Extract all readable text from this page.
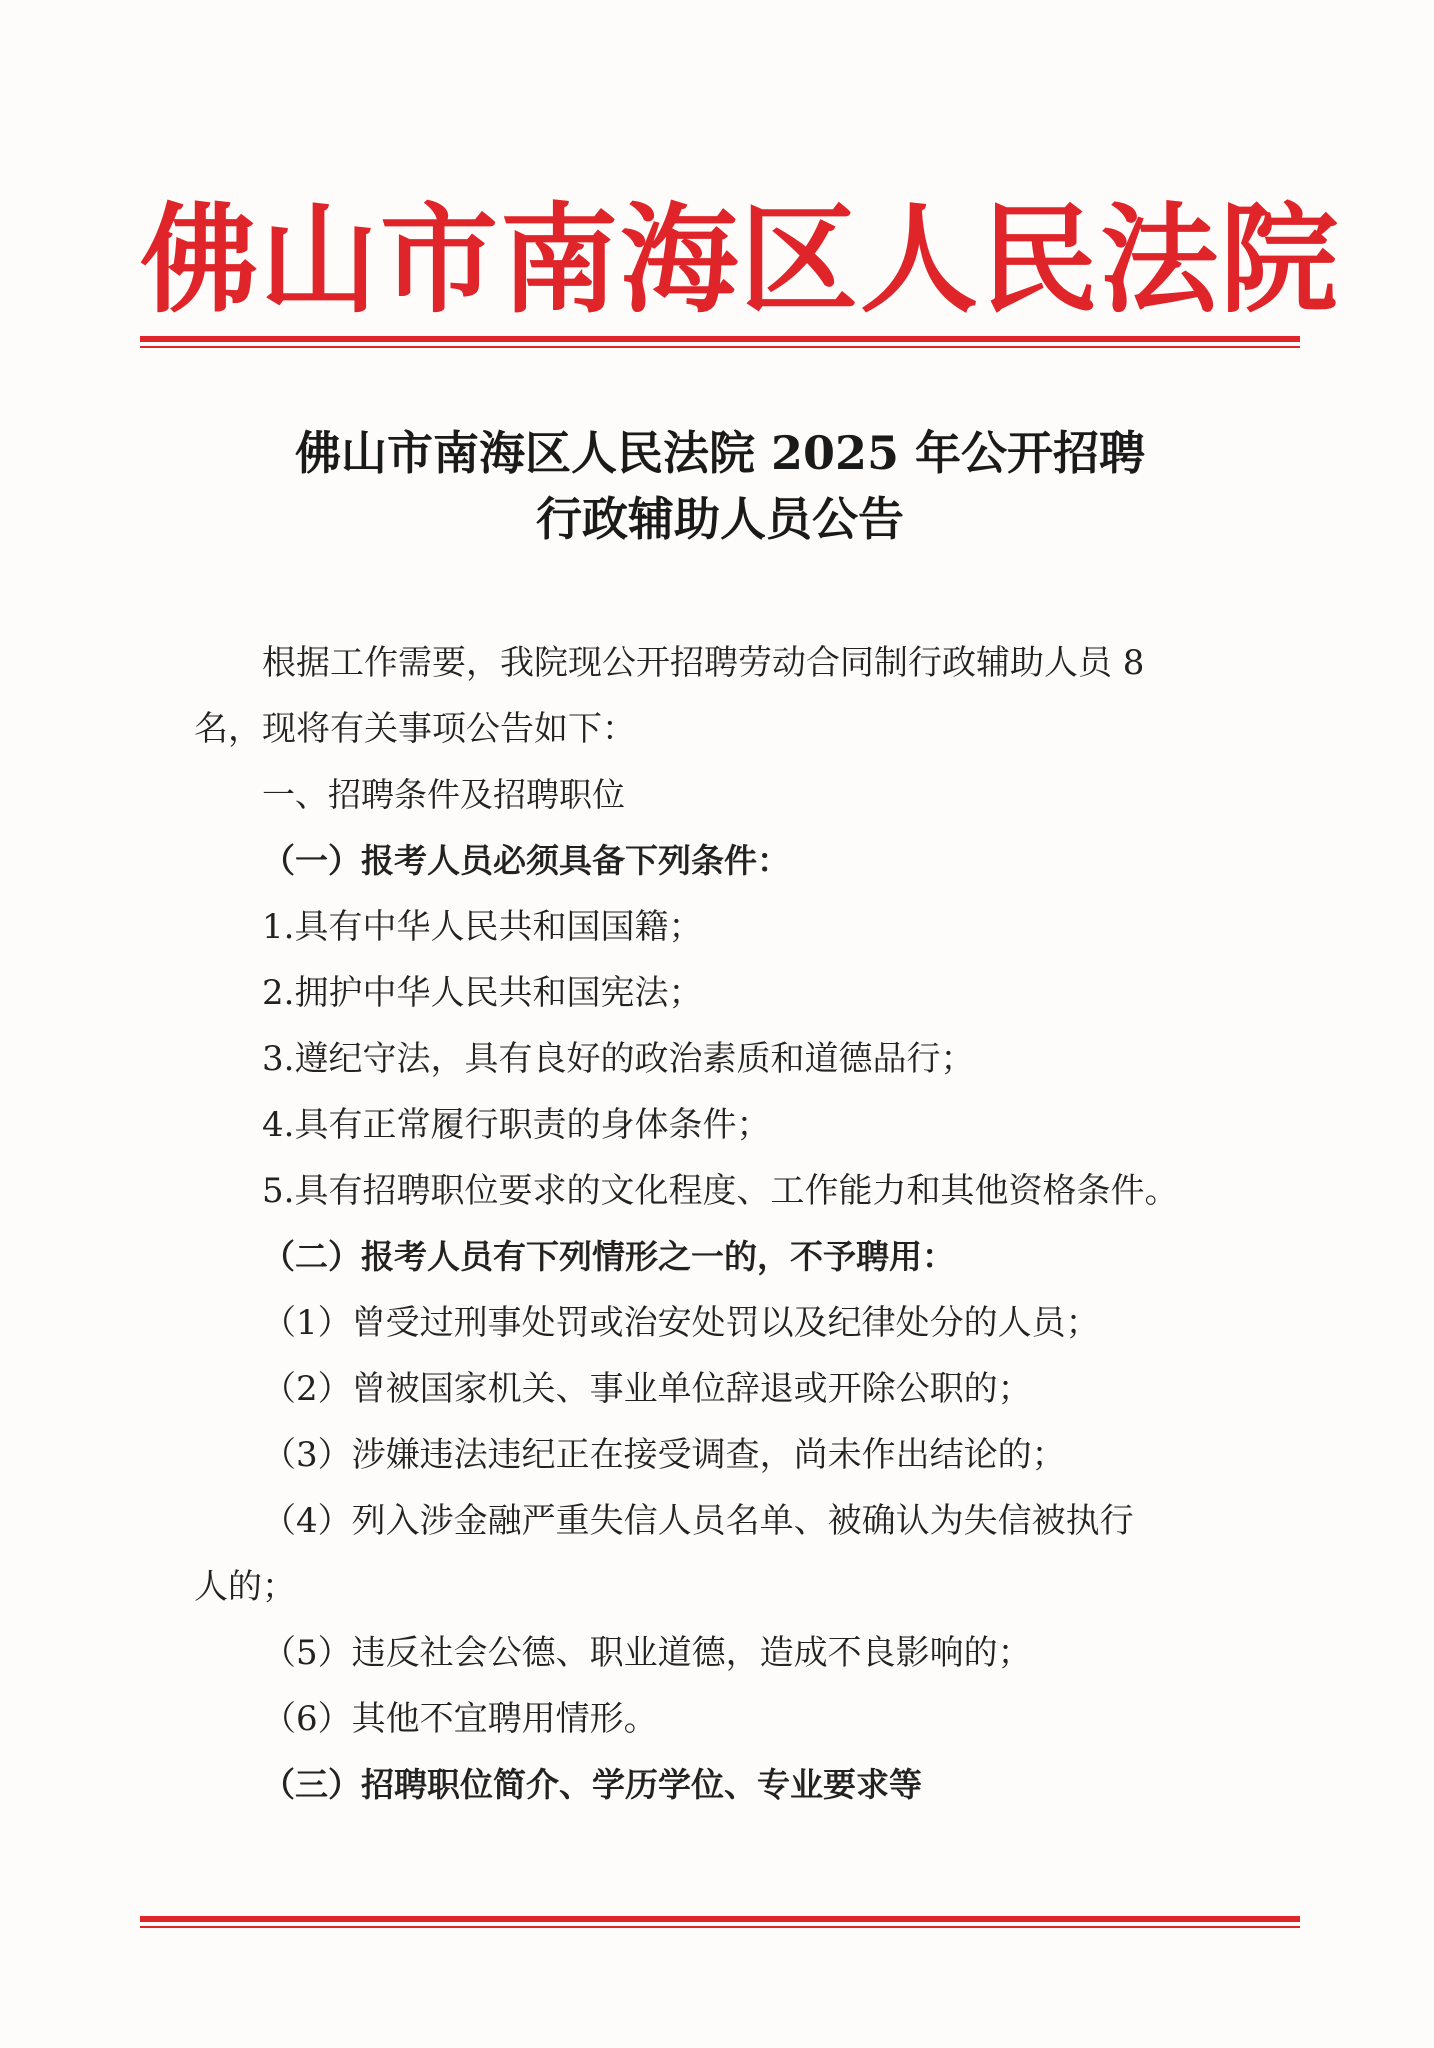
佛山市南海区人民法院
佛山市南海区人民法院 2025 年公开招聘
行政辅助人员公告

根据工作需要，我院现公开招聘劳动合同制行政辅助人员 8

名，现将有关事项公告如下：

一、招聘条件及招聘职位

（一）报考人员必须具备下列条件：

1.具有中华人民共和国国籍；

2.拥护中华人民共和国宪法；

3.遵纪守法，具有良好的政治素质和道德品行；

4.具有正常履行职责的身体条件；

5.具有招聘职位要求的文化程度、工作能力和其他资格条件。

（二）报考人员有下列情形之一的，不予聘用：

（1）曾受过刑事处罚或治安处罚以及纪律处分的人员；

（2）曾被国家机关、事业单位辞退或开除公职的；

（3）涉嫌违法违纪正在接受调查，尚未作出结论的；

（4）列入涉金融严重失信人员名单、被确认为失信被执行

人的；

（5）违反社会公德、职业道德，造成不良影响的；

（6）其他不宜聘用情形。

（三）招聘职位简介、学历学位、专业要求等
